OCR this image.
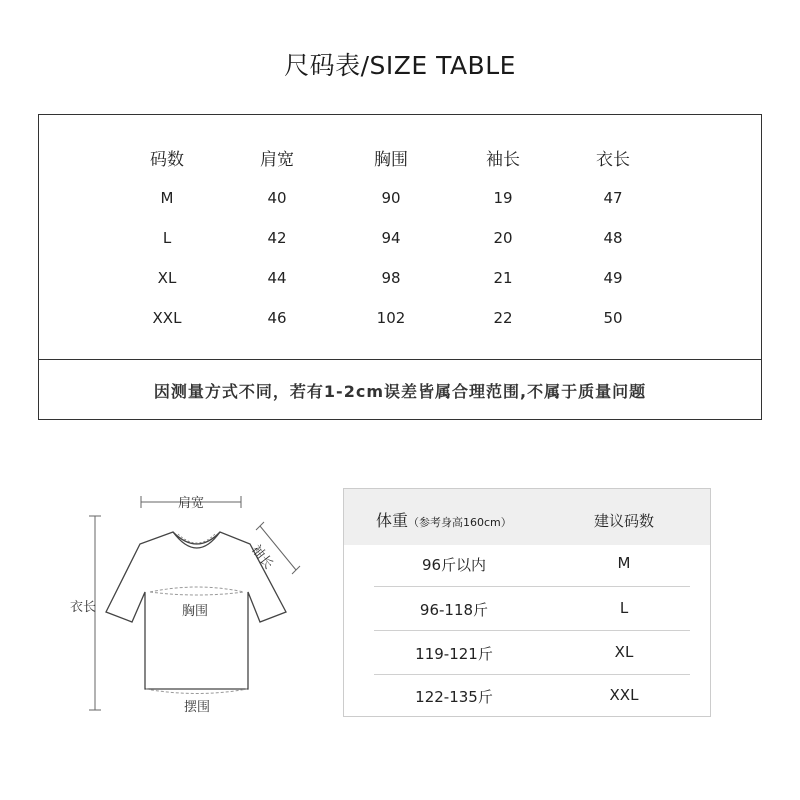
尺码表/SIZE TABLE
码数	肩宽	胸围	袖长	衣长
M	40	90	19	47
L	42	94	20	48
XL	44	98	21	49
XXL	46	102	22	50
因测量方式不同，若有1-2cm误差皆属合理范围,不属于质量问题
肩宽
袖长
衣长	胸围
摆围
体重（参考身高160cm）	建议码数
96斤以内	M
96-118斤	L
119-121斤	XL
122-135斤	XXL
